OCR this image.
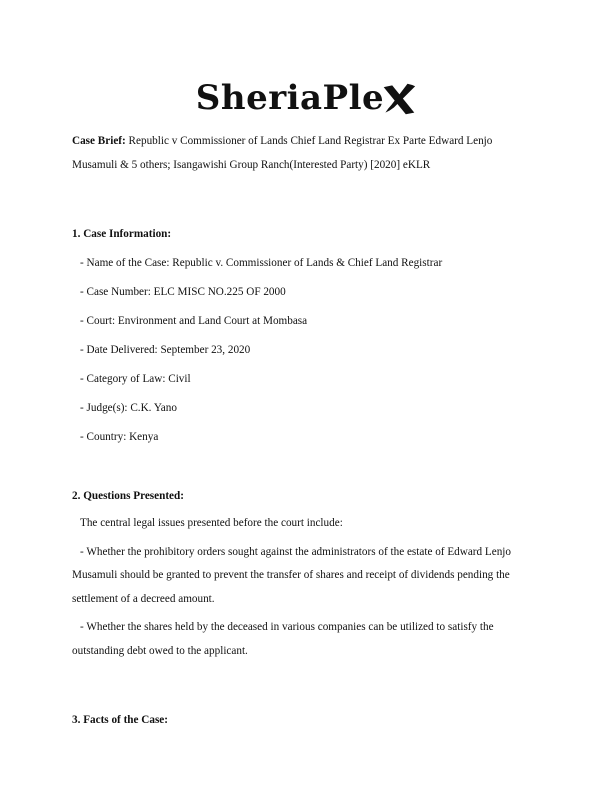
SheriaPle

Case Brief: Republic v Commissioner of Lands Chief Land Registrar Ex Parte Edward Lenjo Musamuli & 5 others; Isangawishi Group Ranch(Interested Party) [2020] eKLR

1. Case Information:

- Name of the Case: Republic v. Commissioner of Lands & Chief Land Registrar

- Case Number: ELC MISC NO.225 OF 2000

- Court: Environment and Land Court at Mombasa

- Date Delivered: September 23, 2020

- Category of Law: Civil

- Judge(s): C.K. Yano

- Country: Kenya

2. Questions Presented:

The central legal issues presented before the court include:

- Whether the prohibitory orders sought against the administrators of the estate of Edward Lenjo Musamuli should be granted to prevent the transfer of shares and receipt of dividends pending the settlement of a decreed amount.

- Whether the shares held by the deceased in various companies can be utilized to satisfy the outstanding debt owed to the applicant.

3. Facts of the Case:
